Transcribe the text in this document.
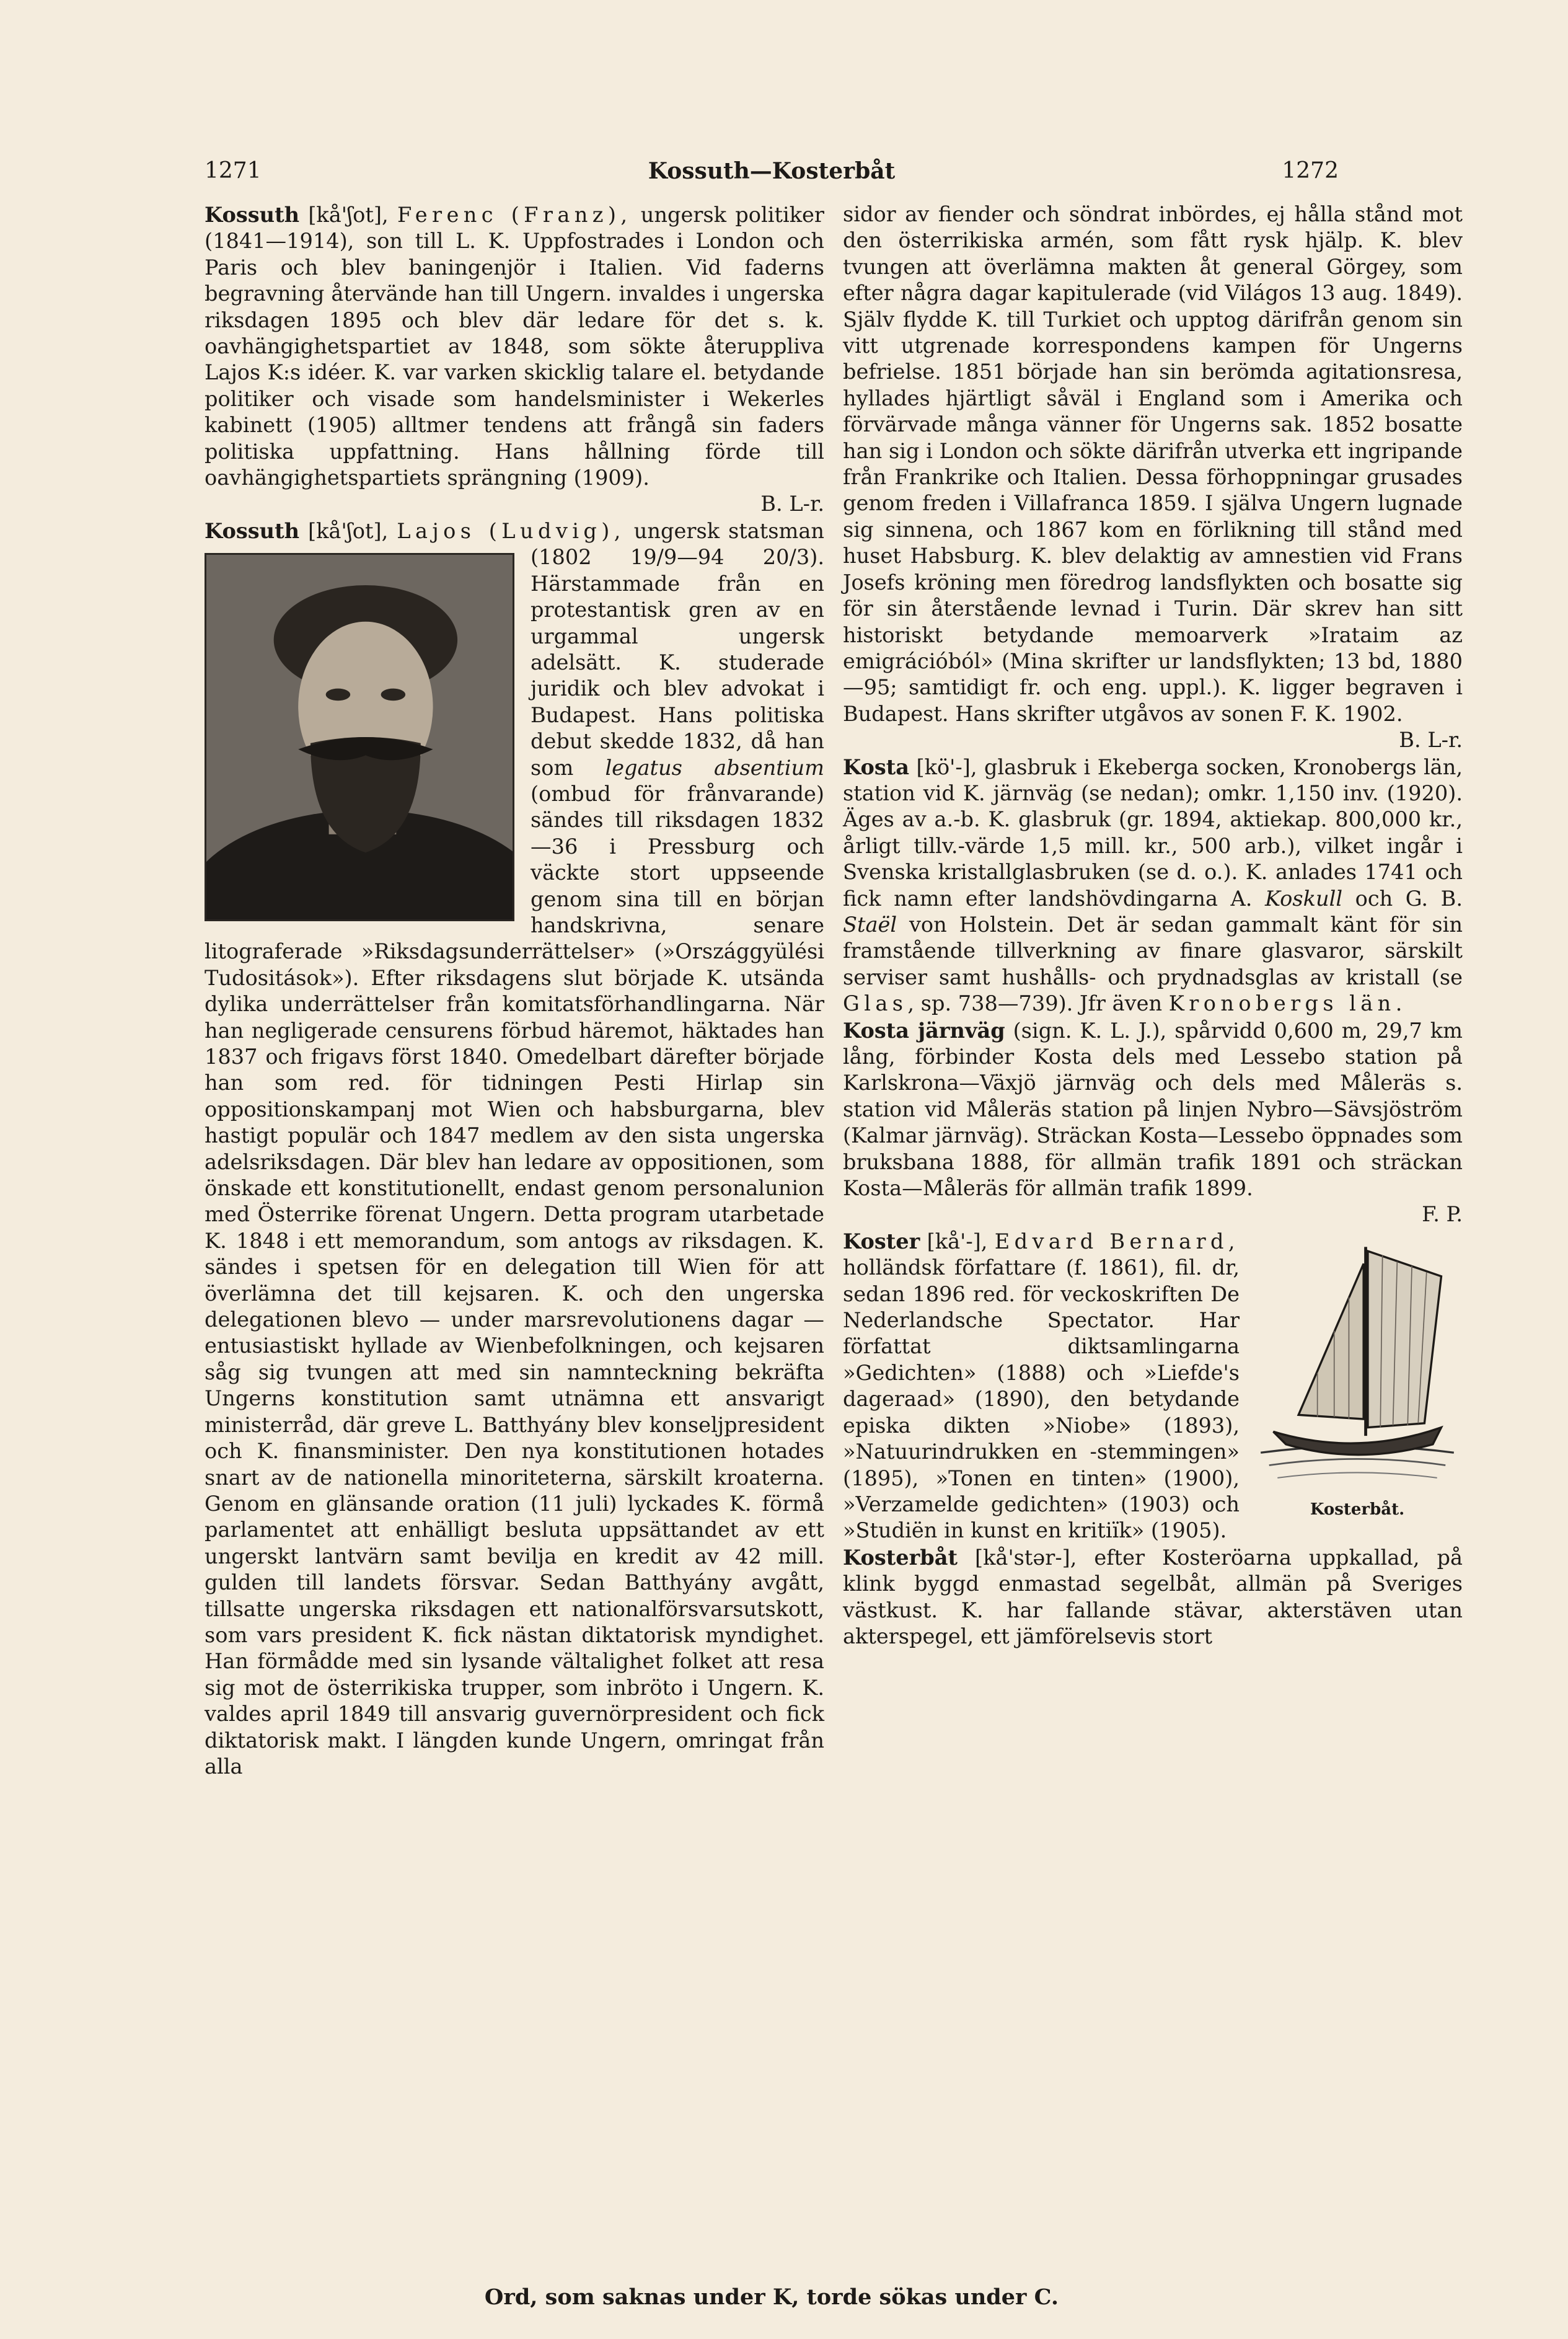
1271	Kossuth—Kosterbåt	1272

Kossuth [kå'ʃot], Ferenc (Franz), ungersk politiker (1841—1914), son till L. K. Uppfostrades i London och Paris och blev baningenjör i Italien. Vid faderns begravning återvände han till Ungern. invaldes i ungerska riksdagen 1895 och blev där ledare för det s. k. oavhängighetspartiet av 1848, som sökte återuppliva Lajos K:s idéer. K. var varken skicklig talare el. betydande politiker och visade som handelsminister i Wekerles kabinett (1905) alltmer tendens att frångå sin faders politiska uppfattning. Hans hållning förde till oavhängighetspartiets sprängning (1909).
B. L-r.

Kossuth [kå'ʃot], Lajos (Ludvig),
ungersk statsman (1802 19/9—94 20/3). Härstammade från en protestantisk gren av en urgammal ungersk adelsätt. K. studerade juridik och blev advokat i Budapest. Hans politiska debut skedde 1832, då han som legatus absentium (ombud för frånvarande) sändes till riksdagen 1832—36 i Pressburg och väckte stort uppseende genom sina till en början handskrivna, senare litograferade »Riksdagsunderrättelser» (»Országgyülési Tudositások»). Efter riksdagens slut började K. utsända dylika underrättelser från komitatsförhandlingarna. När han negligerade censurens förbud häremot, häktades han 1837 och frigavs först 1840. Omedelbart därefter började han som red. för tidningen Pesti Hirlap sin oppositionskampanj mot Wien och habsburgarna, blev hastigt populär och 1847 medlem av den sista ungerska adelsriksdagen. Där blev han ledare av oppositionen, som önskade ett konstitutionellt, endast genom personalunion med Österrike förenat Ungern. Detta program utarbetade K. 1848 i ett memorandum, som antogs av riksdagen. K. sändes i spetsen för en delegation till Wien för att överlämna det till kejsaren. K. och den ungerska delegationen blevo — under marsrevolutionens dagar — entusiastiskt hyllade av Wienbefolkningen, och kejsaren såg sig tvungen att med sin namnteckning bekräfta Ungerns konstitution samt utnämna ett ansvarigt ministerråd, där greve L. Batthyány blev konseljpresident och K. finansminister. Den nya konstitutionen hotades snart av de nationella minoriteterna, särskilt kroaterna. Genom en glänsande oration (11 juli) lyckades K. förmå parlamentet att enhälligt besluta uppsättandet av ett ungerskt lantvärn samt bevilja en kredit av 42 mill. gulden till landets försvar. Sedan Batthyány avgått, tillsatte ungerska riksdagen ett nationalförsvarsutskott, som vars president K. fick nästan diktatorisk myndighet. Han förmådde med sin lysande vältalighet folket att resa sig mot de österrikiska trupper, som inbröto i Ungern. K. valdes april 1849 till ansvarig guvernörpresident och fick diktatorisk makt. I längden kunde Ungern, omringat från alla

sidor av fiender och söndrat inbördes, ej hålla stånd mot den österrikiska armén, som fått rysk hjälp. K. blev tvungen att överlämna makten åt general Görgey, som efter några dagar kapitulerade (vid Világos 13 aug. 1849). Själv flydde K. till Turkiet och upptog därifrån genom sin vitt utgrenade korrespondens kampen för Ungerns befrielse. 1851 började han sin berömda agitationsresa, hyllades hjärtligt såväl i England som i Amerika och förvärvade många vänner för Ungerns sak. 1852 bosatte han sig i London och sökte därifrån utverka ett ingripande från Frankrike och Italien. Dessa förhoppningar grusades genom freden i Villafranca 1859. I själva Ungern lugnade sig sinnena, och 1867 kom en förlikning till stånd med huset Habsburg. K. blev delaktig av amnestien vid Frans Josefs kröning men föredrog landsflykten och bosatte sig för sin återstående levnad i Turin. Där skrev han sitt historiskt betydande memoarverk »Irataim az emigrációból» (Mina skrifter ur landsflykten; 13 bd, 1880—95; samtidigt fr. och eng. uppl.). K. ligger begraven i Budapest. Hans skrifter utgåvos av sonen F. K. 1902.
B. L-r.

Kosta [kö'-], glasbruk i Ekeberga socken, Kronobergs län, station vid K. järnväg (se nedan); omkr. 1,150 inv. (1920). Äges av a.-b. K. glasbruk (gr. 1894, aktiekap. 800,000 kr., årligt tillv.-värde 1,5 mill. kr., 500 arb.), vilket ingår i Svenska kristallglasbruken (se d. o.). K. anlades 1741 och fick namn efter landshövdingarna A. Koskull och G. B. Staël von Holstein. Det är sedan gammalt känt för sin framstående tillverkning av finare glasvaror, särskilt serviser samt hushålls- och prydnadsglas av kristall (se Glas, sp. 738—739). Jfr även Kronobergs län.

Kosta järnväg (sign. K. L. J.), spårvidd 0,600 m, 29,7 km lång, förbinder Kosta dels med Lessebo station på Karlskrona—Växjö järnväg och dels med Måleräs s. station vid Måleräs station på linjen Nybro—Sävsjöström (Kalmar järnväg). Sträckan Kosta—Lessebo öppnades som bruksbana 1888, för allmän trafik 1891 och sträckan Kosta—Måleräs för allmän trafik 1899.
F. P.

Koster [kå'-], Edvard Bernard,
Kosterbåt.
holländsk författare (f. 1861), fil. dr, sedan 1896 red. för veckoskriften De Nederlandsche Spectator. Har författat diktsamlingarna »Gedichten» (1888) och »Liefde's dageraad» (1890), den betydande episka dikten »Niobe» (1893), »Natuurindrukken en -stemmingen» (1895), »Tonen en tinten» (1900), »Verzamelde gedichten» (1903) och »Studiën in kunst en kritiïk» (1905).

Kosterbåt [kå'stər-], efter Kosteröarna uppkallad, på klink byggd enmastad segelbåt, allmän på Sveriges västkust. K. har fallande stävar, akterstäven utan akterspegel, ett jämförelsevis stort

Ord, som saknas under K, torde sökas under C.
